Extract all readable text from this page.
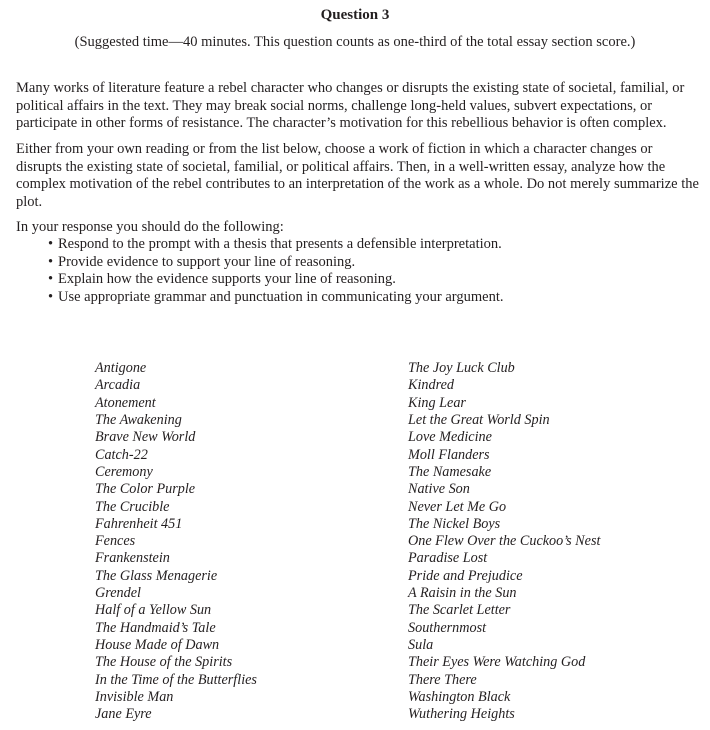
Question 3
(Suggested time—40 minutes. This question counts as one-third of the total essay section score.)

Many works of literature feature a rebel character who changes or disrupts the existing state of societal, familial, or political affairs in the text. They may break social norms, challenge long-held values, subvert expectations, or participate in other forms of resistance. The character’s motivation for this rebellious behavior is often complex.

Either from your own reading or from the list below, choose a work of fiction in which a character changes or disrupts the existing state of societal, familial, or political affairs. Then, in a well-written essay, analyze how the complex motivation of the rebel contributes to an interpretation of the work as a whole. Do not merely summarize the plot.

In your response you should do the following:

• Respond to the prompt with a thesis that presents a defensible interpretation.
• Provide evidence to support your line of reasoning.
• Explain how the evidence supports your line of reasoning.
• Use appropriate grammar and punctuation in communicating your argument.
Antigone
Arcadia
Atonement
The Awakening
Brave New World
Catch-22
Ceremony
The Color Purple
The Crucible
Fahrenheit 451
Fences
Frankenstein
The Glass Menagerie
Grendel
Half of a Yellow Sun
The Handmaid’s Tale
House Made of Dawn
The House of the Spirits
In the Time of the Butterflies
Invisible Man
Jane Eyre
The Joy Luck Club
Kindred
King Lear
Let the Great World Spin
Love Medicine
Moll Flanders
The Namesake
Native Son
Never Let Me Go
The Nickel Boys
One Flew Over the Cuckoo’s Nest
Paradise Lost
Pride and Prejudice
A Raisin in the Sun
The Scarlet Letter
Southernmost
Sula
Their Eyes Were Watching God
There There
Washington Black
Wuthering Heights
